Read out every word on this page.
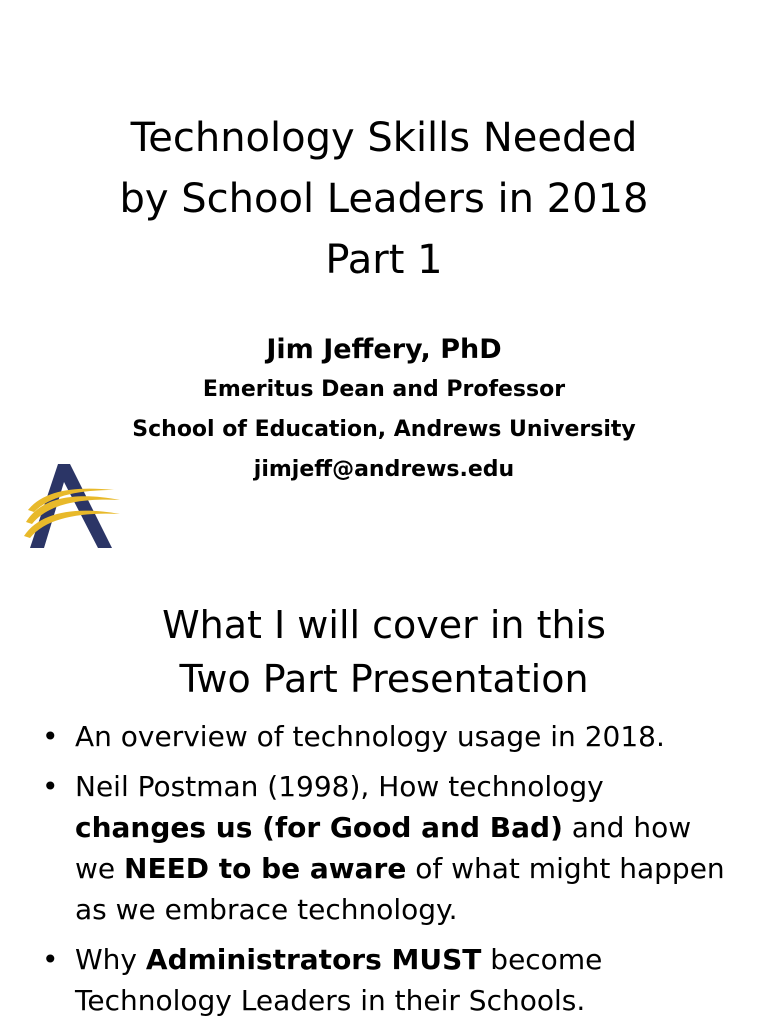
Technology Skills Needed
by School Leaders in 2018
Part 1
Jim Jeffery, PhD
Emeritus Dean and Professor
School of Education, Andrews University
jimjeff@andrews.edu
What I will cover in this
Two Part Presentation
• An overview of technology usage in 2018.
• Neil Postman (1998), How technology changes us (for Good and Bad) and how we NEED to be aware of what might happen as we embrace technology.
• Why Administrators MUST become Technology Leaders in their Schools.
